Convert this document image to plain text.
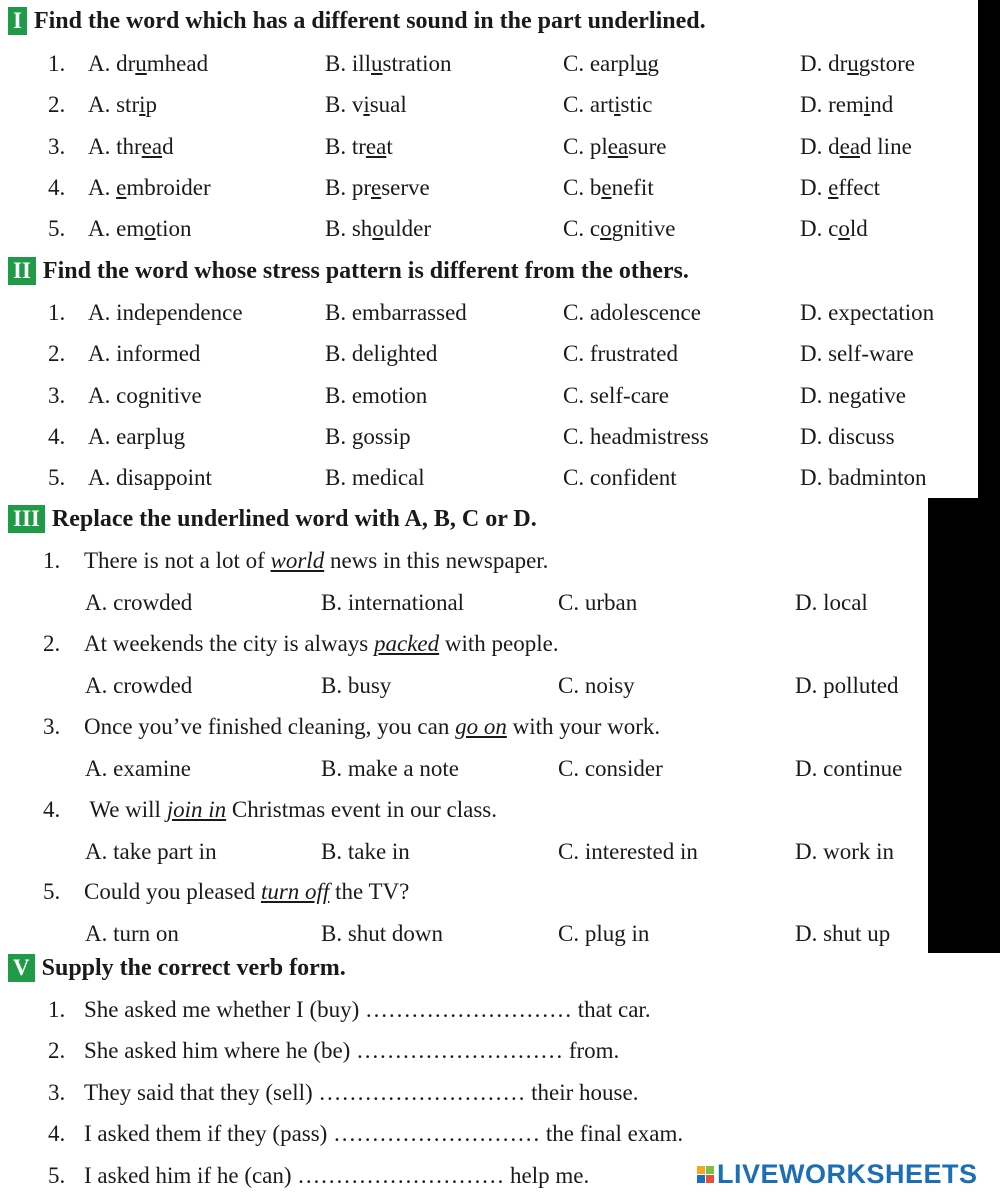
I Find the word which has a different sound in the part underlined.
1. A. drumhead	B. illustration	C. earplug	D. drugstore
2. A. strip	B. visual	C. artistic	D. remind
3. A. thread	B. treat	C. pleasure	D. dead line
4. A. embroider	B. preserve	C. benefit	D. effect
5. A. emotion	B. shoulder	C. cognitive	D. cold
II Find the word whose stress pattern is different from the others.
1. A. independence	B. embarrassed	C. adolescence	D. expectation
2. A. informed	B. delighted	C. frustrated	D. self-ware
3. A. cognitive	B. emotion	C. self-care	D. negative
4. A. earplug	B. gossip	C. headmistress	D. discuss
5. A. disappoint	B. medical	C. confident	D. badminton
III Replace the underlined word with A, B, C or D.
1. There is not a lot of world news in this newspaper.
A. crowded	B. international	C. urban	D. local
2. At weekends the city is always packed with people.
A. crowded	B. busy	C. noisy	D. polluted
3. Once you’ve finished cleaning, you can go on with your work.
A. examine	B. make a note	C. consider	D. continue
4. We will join in Christmas event in our class.
A. take part in	B. take in	C. interested in	D. work in
5. Could you pleased turn off the TV?
A. turn on	B. shut down	C. plug in	D. shut up
V Supply the correct verb form.
1. She asked me whether I (buy) ……………………… that car.
2. She asked him where he (be) ……………………… from.
3. They said that they (sell) ……………………… their house.
4. I asked them if they (pass) ……………………… the final exam.
5. I asked him if he (can) ……………………… help me.	LIVEWORKSHEETS
